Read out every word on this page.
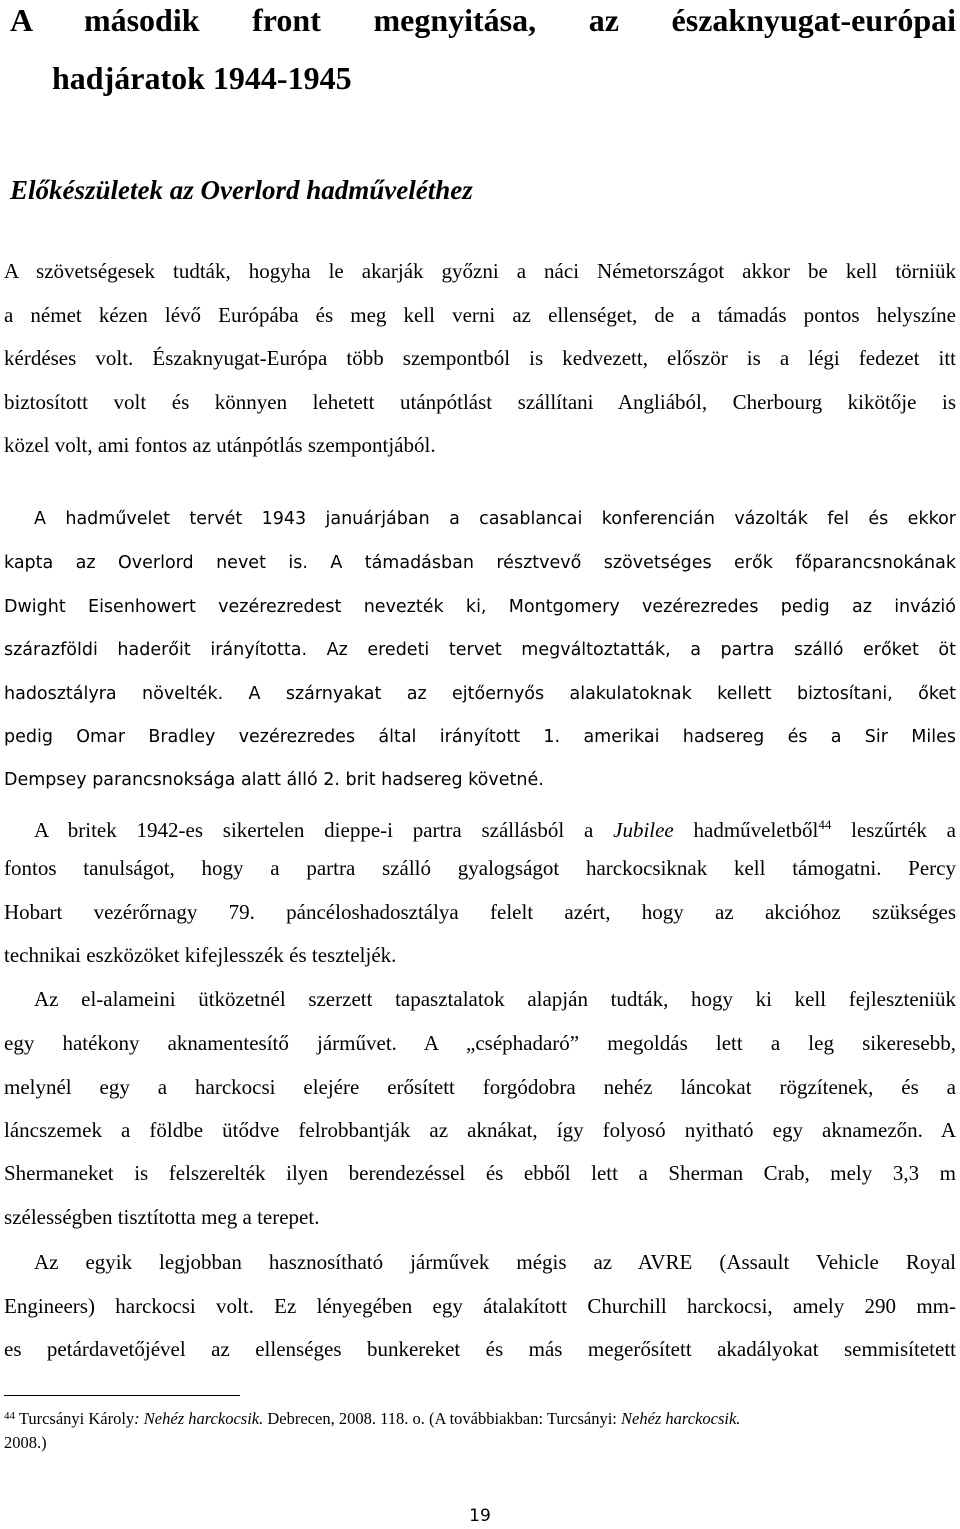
A második front megnyitása, az északnyugat-európai
hadjáratok 1944-1945
Előkészületek az Overlord hadműveléthez
A szövetségesek tudták, hogyha le akarják győzni a náci Németországot akkor be kell törniük
a német kézen lévő Európába és meg kell verni az ellenséget, de a támadás pontos helyszíne
kérdéses volt. Északnyugat-Európa több szempontból is kedvezett, először is a légi fedezet itt
biztosított volt és könnyen lehetett utánpótlást szállítani Angliából, Cherbourg kikötője is
közel volt, ami fontos az utánpótlás szempontjából.
A hadművelet tervét 1943 januárjában a casablancai konferencián vázolták fel és ekkor
kapta az Overlord nevet is. A támadásban résztvevő szövetséges erők főparancsnokának
Dwight Eisenhowert vezérezredest nevezték ki, Montgomery vezérezredes pedig az invázió
szárazföldi haderőit irányította. Az eredeti tervet megváltoztatták, a partra szálló erőket öt
hadosztályra növelték. A szárnyakat az ejtőernyős alakulatoknak kellett biztosítani, őket
pedig Omar Bradley vezérezredes által irányított 1. amerikai hadsereg és a Sir Miles
Dempsey parancsnoksága alatt álló 2. brit hadsereg követné.
A britek 1942-es sikertelen dieppe-i partra szállásból a Jubilee hadműveletből$^{44}$ leszűrték a
fontos tanulságot, hogy a partra szálló gyalogságot harckocsiknak kell támogatni. Percy
Hobart vezérőrnagy 79. páncéloshadosztálya felelt azért, hogy az akcióhoz szükséges
technikai eszközöket kifejlesszék és teszteljék.
Az el-alameini ütközetnél szerzett tapasztalatok alapján tudták, hogy ki kell fejleszteniük
egy hatékony aknamentesítő járművet. A „cséphadaró” megoldás lett a leg sikeresebb,
melynél egy a harckocsi elejére erősített forgódobra nehéz láncokat rögzítenek, és a
láncszemek a földbe ütődve felrobbantják az aknákat, így folyosó nyitható egy aknamezőn. A
Shermaneket is felszerelték ilyen berendezéssel és ebből lett a Sherman Crab, mely 3,3 m
szélességben tisztította meg a terepet.
Az egyik legjobban hasznosítható járművek mégis az AVRE (Assault Vehicle Royal
Engineers) harckocsi volt. Ez lényegében egy átalakított Churchill harckocsi, amely 290 mm-
es petárdavetőjével az ellenséges bunkereket és más megerősített akadályokat semmisítetett
$^{44}$ Turcsányi Károly: Nehéz harckocsik. Debrecen, 2008. 118. o. (A továbbiakban: Turcsányi: Nehéz harckocsik.
2008.)
19
